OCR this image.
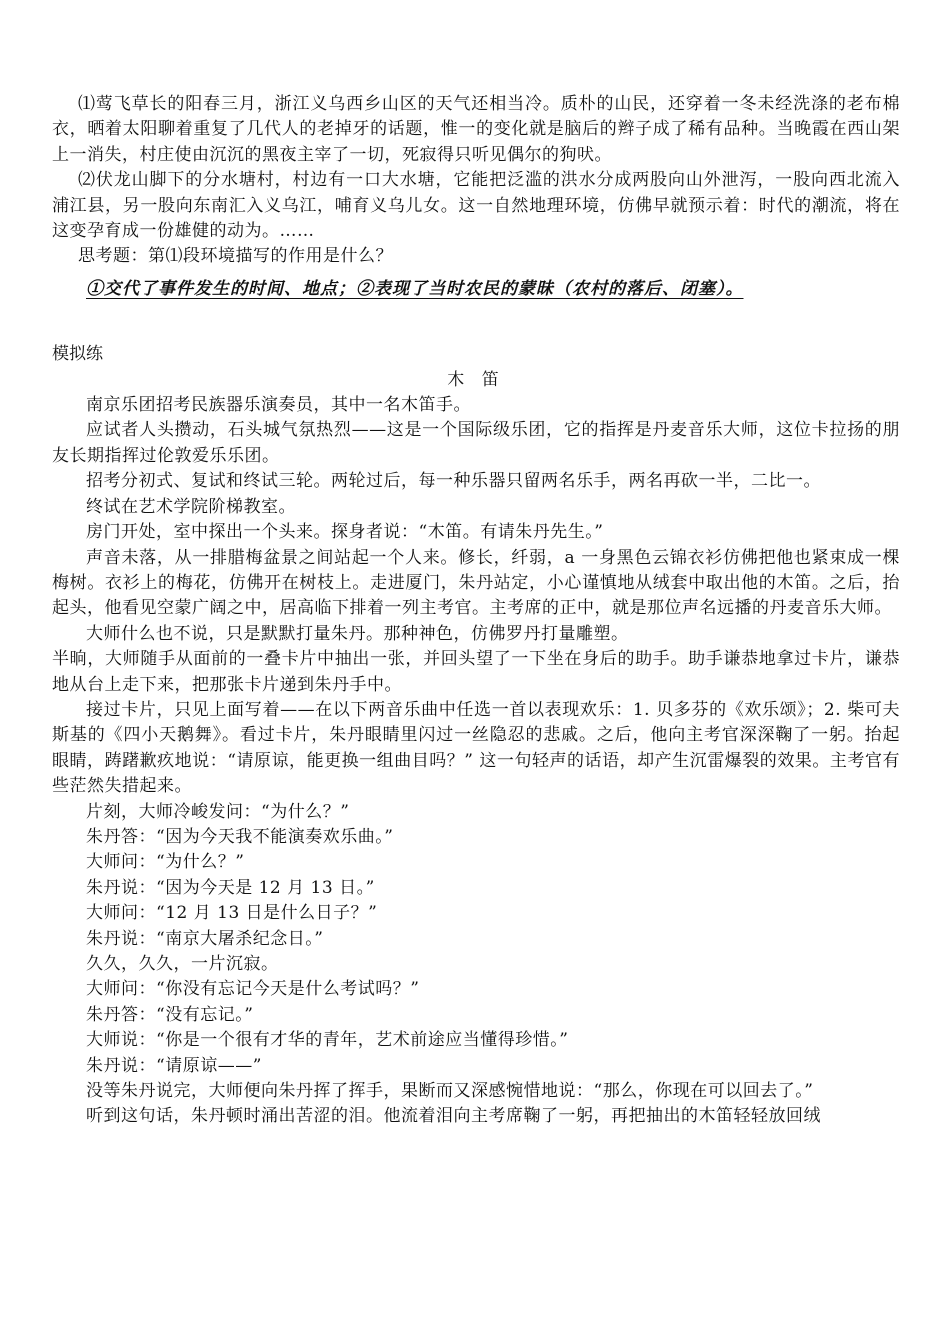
⑴莺飞草长的阳春三月，浙江义乌西乡山区的天气还相当冷。质朴的山民，还穿着一冬未经洗涤的老布棉衣，晒着太阳聊着重复了几代人的老掉牙的话题，惟一的变化就是脑后的辫子成了稀有品种。当晚霞在西山架上一消失，村庄使由沉沉的黑夜主宰了一切，死寂得只听见偶尔的狗吠。

⑵伏龙山脚下的分水塘村，村边有一口大水塘，它能把泛滥的洪水分成两股向山外泄泻，一股向西北流入浦江县，另一股向东南汇入义乌江，哺育义乌儿女。这一自然地理环境，仿佛早就预示着：时代的潮流，将在这变孕育成一份雄健的动为。……

思考题：第⑴段环境描写的作用是什么？

①交代了事件发生的时间、地点；②表现了当时农民的蒙昧（农村的落后、闭塞）。

模拟练

木 笛

南京乐团招考民族器乐演奏员，其中一名木笛手。

应试者人头攒动，石头城气氛热烈——这是一个国际级乐团，它的指挥是丹麦音乐大师，这位卡拉扬的朋友长期指挥过伦敦爱乐乐团。

招考分初式、复试和终试三轮。两轮过后，每一种乐器只留两名乐手，两名再砍一半，二比一。

终试在艺术学院阶梯教室。

房门开处，室中探出一个头来。探身者说：“木笛。有请朱丹先生。”

声音未落，从一排腊梅盆景之间站起一个人来。修长，纤弱，a 一身黑色云锦衣衫仿佛把他也紧束成一棵梅树。衣衫上的梅花，仿佛开在树枝上。走进厦门，朱丹站定，小心谨慎地从绒套中取出他的木笛。之后，抬起头，他看见空蒙广阔之中，居高临下排着一列主考官。主考席的正中，就是那位声名远播的丹麦音乐大师。

大师什么也不说，只是默默打量朱丹。那种神色，仿佛罗丹打量雕塑。

半晌，大师随手从面前的一叠卡片中抽出一张，并回头望了一下坐在身后的助手。助手谦恭地拿过卡片，谦恭地从台上走下来，把那张卡片递到朱丹手中。

接过卡片，只见上面写着——在以下两音乐曲中任选一首以表现欢乐：1. 贝多芬的《欢乐颂》；2. 柴可夫斯基的《四小天鹅舞》。看过卡片，朱丹眼睛里闪过一丝隐忍的悲戚。之后，他向主考官深深鞠了一躬。抬起眼睛，踌躇歉疚地说：“请原谅，能更换一组曲目吗？” 这一句轻声的话语，却产生沉雷爆裂的效果。主考官有些茫然失措起来。

片刻，大师冷峻发问：“为什么？”

朱丹答：“因为今天我不能演奏欢乐曲。”

大师问：“为什么？”

朱丹说：“因为今天是 12 月 13 日。”

大师问：“12 月 13 日是什么日子？”

朱丹说：“南京大屠杀纪念日。”

久久，久久，一片沉寂。

大师问：“你没有忘记今天是什么考试吗？”

朱丹答：“没有忘记。”

大师说：“你是一个很有才华的青年，艺术前途应当懂得珍惜。”

朱丹说：“请原谅——”

没等朱丹说完，大师便向朱丹挥了挥手，果断而又深感惋惜地说：“那么，你现在可以回去了。”

听到这句话，朱丹顿时涌出苦涩的泪。他流着泪向主考席鞠了一躬，再把抽出的木笛轻轻放回绒
